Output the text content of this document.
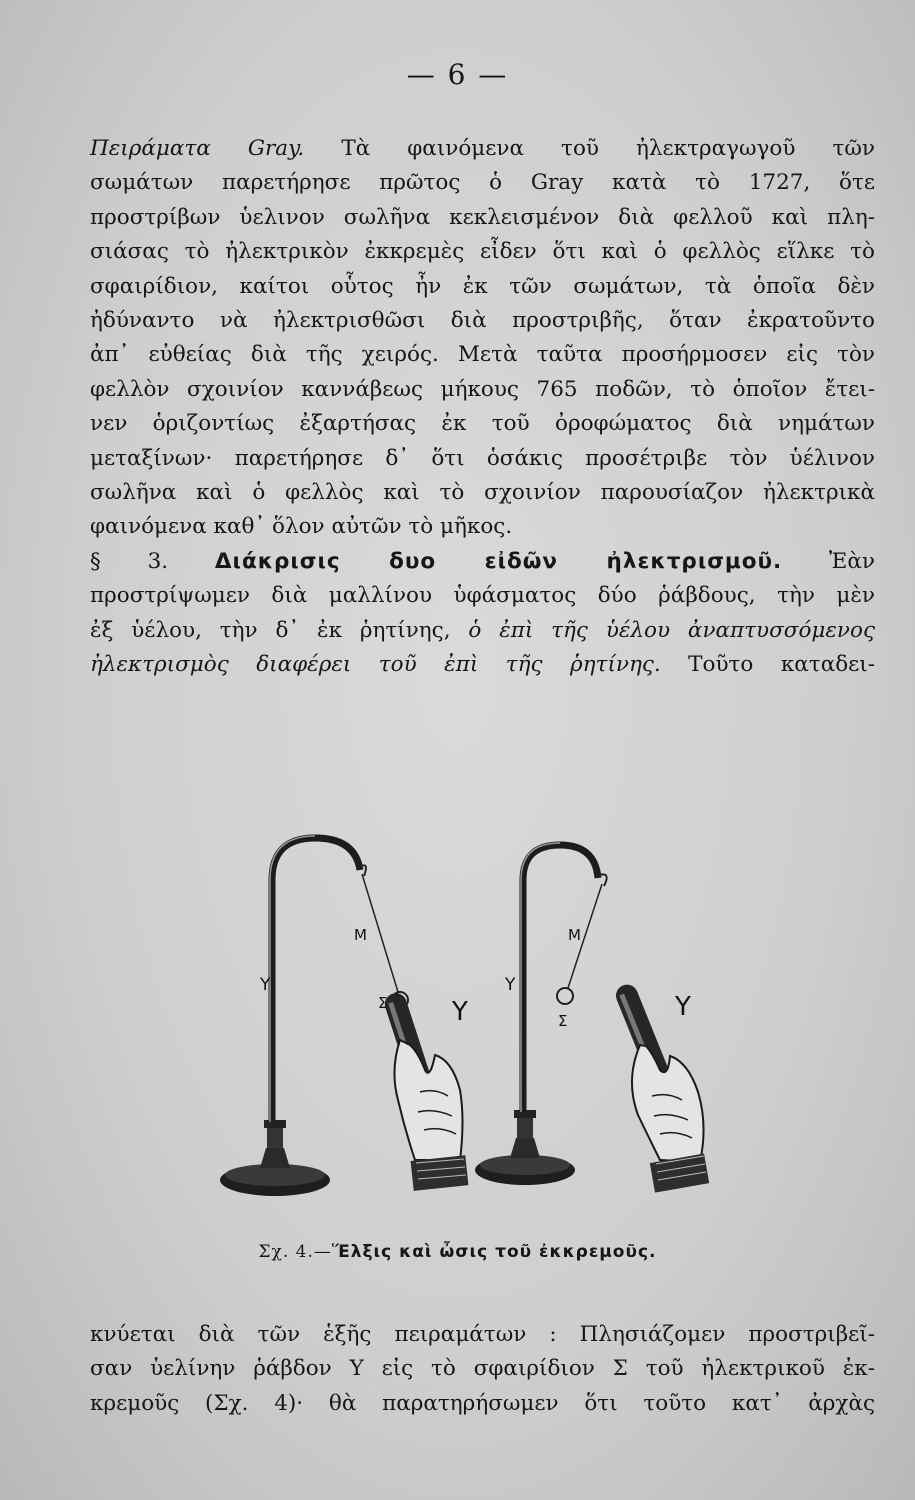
— 6 —
Πειράματα Gray. Τὰ φαινόμενα τοῦ ἠλεκτραγωγοῦ τῶν
σωμάτων παρετήρησε πρῶτος ὁ Gray κατὰ τὸ 1727, ὅτε
προστρίβων ὑελινον σωλῆνα κεκλεισμένον διὰ φελλοῦ καὶ πλη-
σιάσας τὸ ἠλεκτρικὸν ἐκκρεμὲς εἶδεν ὅτι καὶ ὁ φελλὸς εἵλκε τὸ
σφαιρίδιον, καίτοι οὗτος ἦν ἐκ τῶν σωμάτων, τὰ ὁποῖα δὲν
ἠδύναντο νὰ ἠλεκτρισθῶσι διὰ προστριβῆς, ὅταν ἐκρατοῦντο
ἀπ᾽ εὐθείας διὰ τῆς χειρός. Μετὰ ταῦτα προσήρμοσεν εἰς τὸν
φελλὸν σχοινίον καννάβεως μήκους 765 ποδῶν, τὸ ὁποῖον ἔτει-
νεν ὁριζοντίως ἐξαρτήσας ἐκ τοῦ ὀροφώματος διὰ νημάτων
μεταξίνων· παρετήρησε δ᾽ ὅτι ὁσάκις προσέτριβε τὸν ὑέλινον
σωλῆνα καὶ ὁ φελλὸς καὶ τὸ σχοινίον παρουσίαζον ἠλεκτρικὰ
φαινόμενα καθ᾽ ὅλον αὐτῶν τὸ μῆκος.
§ 3. Διάκρισις δυο εἰδῶν ἠλεκτρισμοῦ. Ἐὰν
προστρίψωμεν διὰ μαλλίνου ὑφάσματος δύο ῥάβδους, τὴν μὲν
ἐξ ὑέλου, τὴν δ᾽ ἐκ ῥητίνης, ὁ ἐπὶ τῆς ὑέλου ἀναπτυσσόμενος
ἠλεκτρισμὸς διαφέρει τοῦ ἐπὶ τῆς ῥητίνης. Τοῦτο καταδει-
Y
M
Σ Y
Y
M
Σ	Y
Σχ. 4.—Ἕλξις καὶ ὦσις τοῦ ἐκκρεμοῦς.
κνύεται διὰ τῶν ἑξῆς πειραμάτων : Πλησιάζομεν προστριβεῖ-
σαν ὑελίνην ῥάβδον Υ εἰς τὸ σφαιρίδιον Σ τοῦ ἠλεκτρικοῦ ἐκ-
κρεμοῦς (Σχ. 4)· θὰ παρατηρήσωμεν ὅτι τοῦτο κατ᾽ ἀρχὰς
